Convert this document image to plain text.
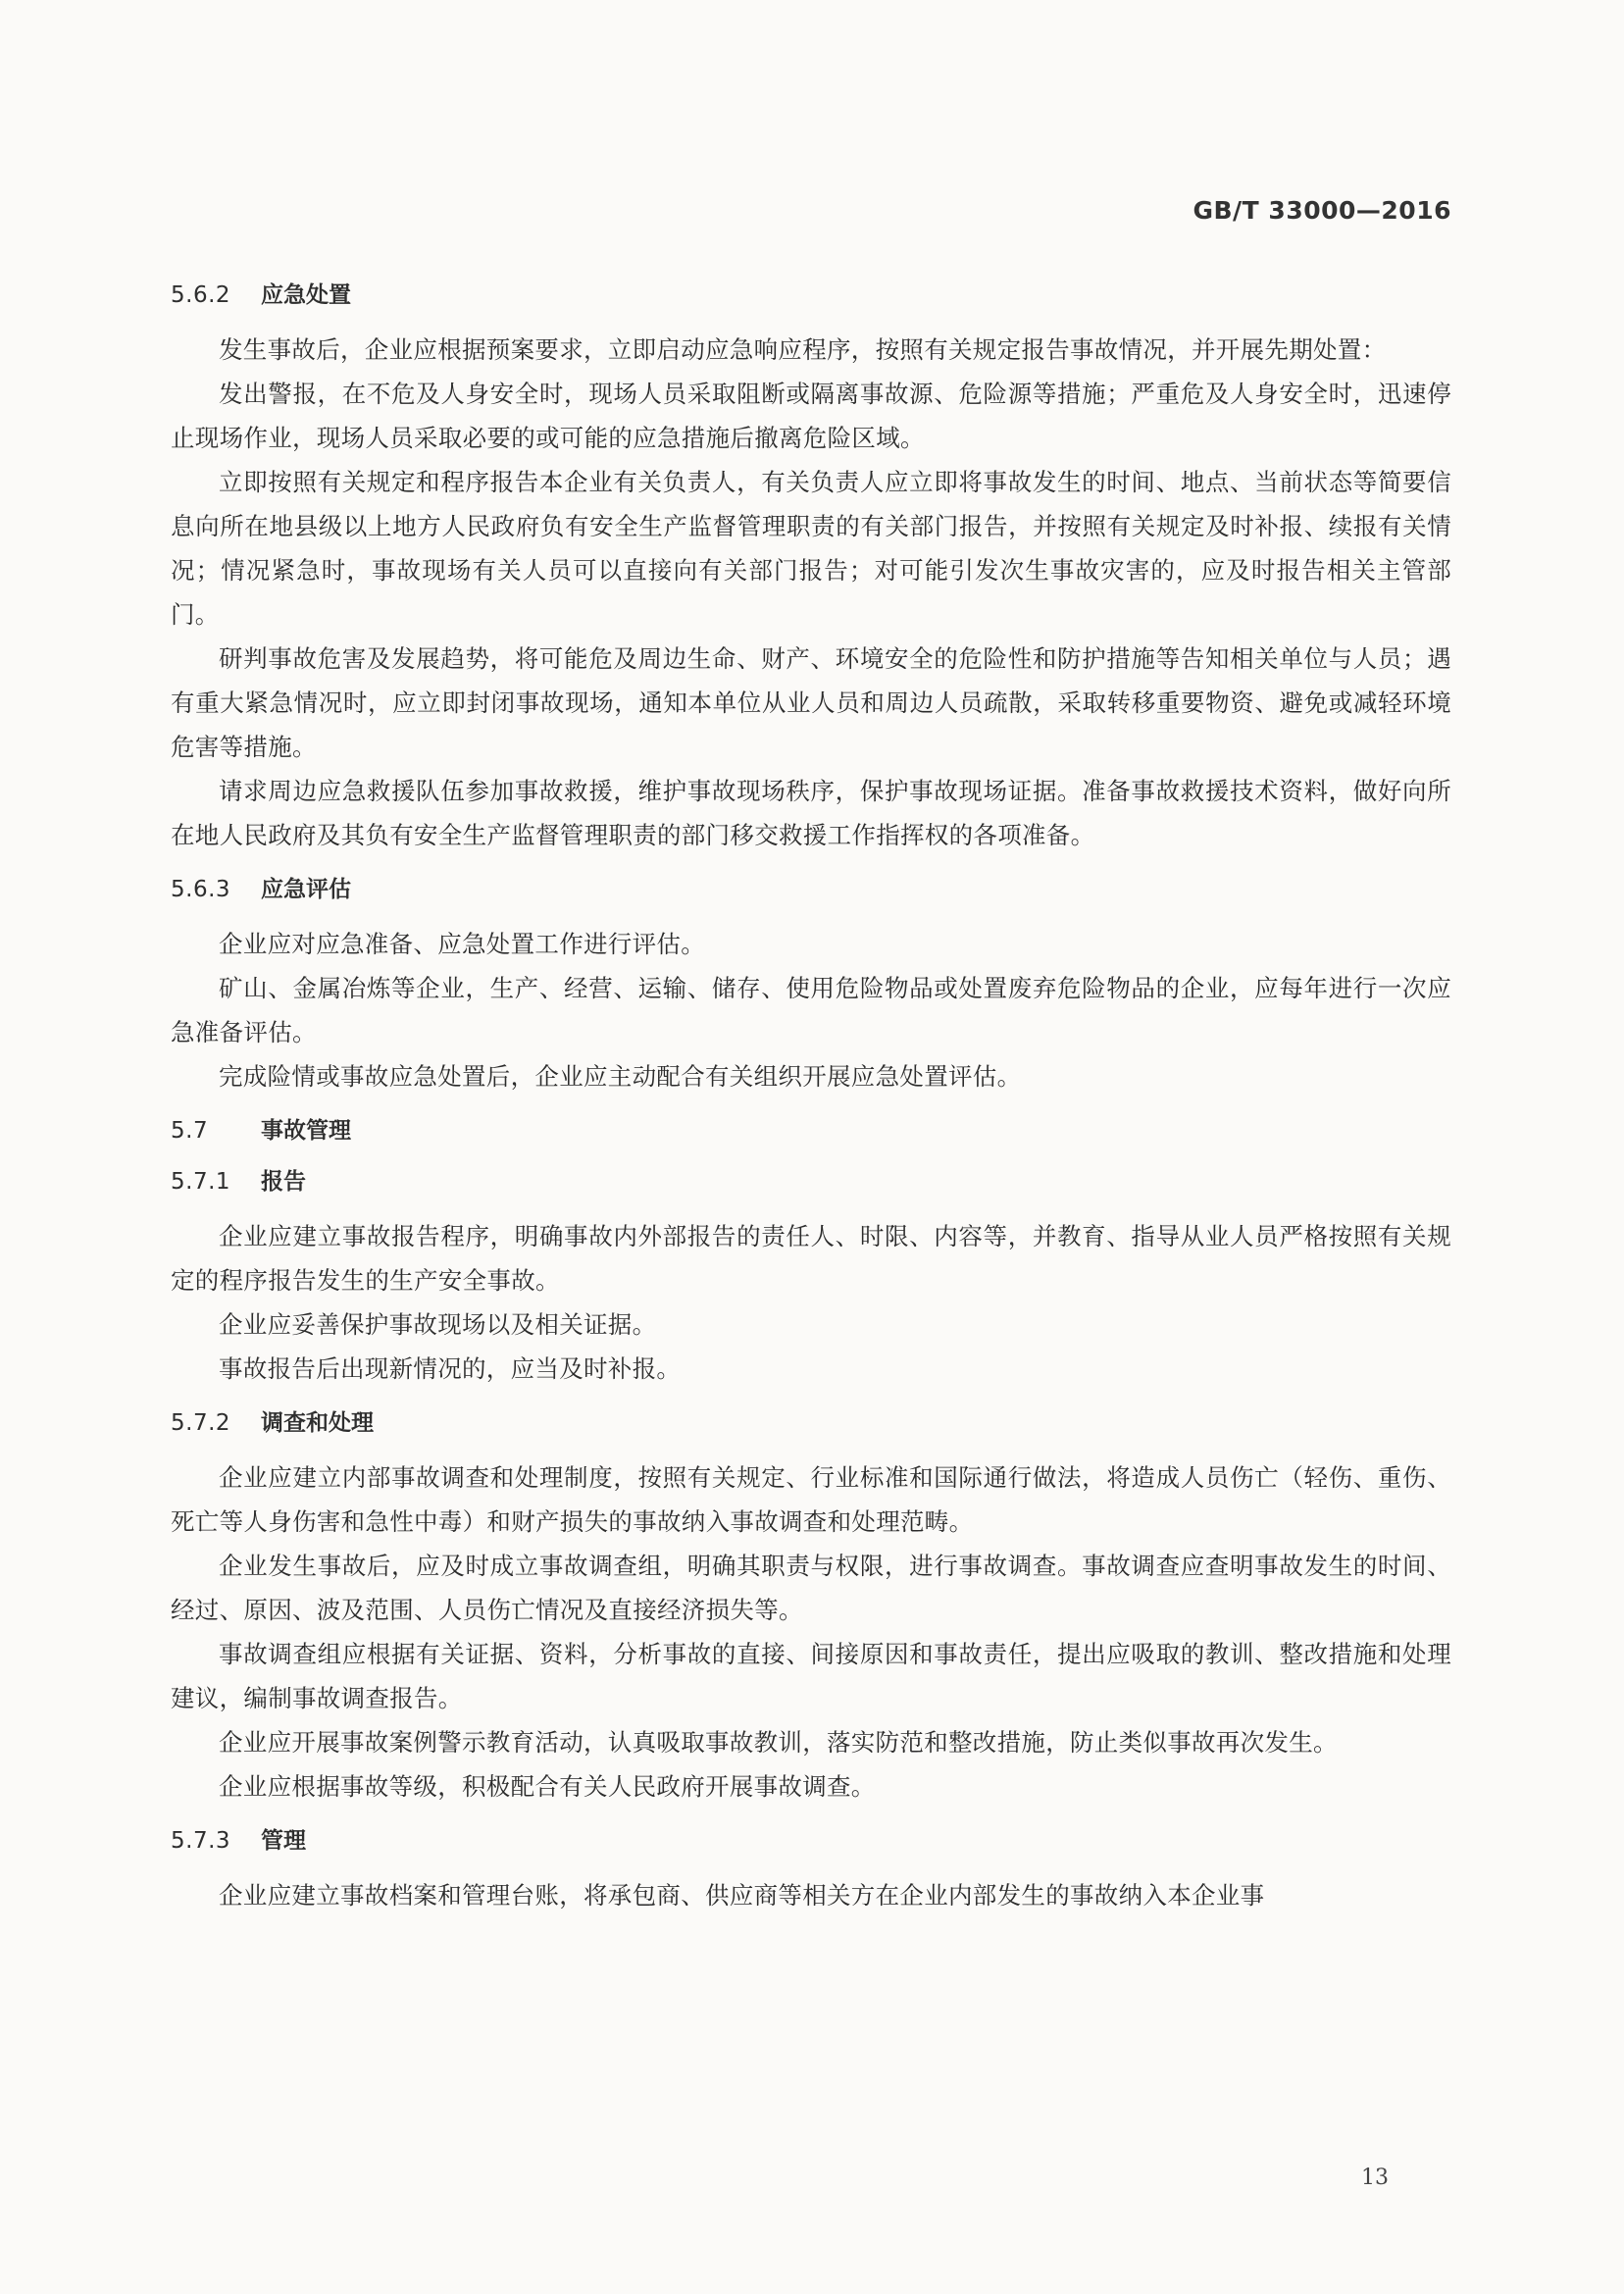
GB/T 33000—2016

5.6.2 应急处置

发生事故后，企业应根据预案要求，立即启动应急响应程序，按照有关规定报告事故情况，并开展先期处置：

发出警报，在不危及人身安全时，现场人员采取阻断或隔离事故源、危险源等措施；严重危及人身安全时，迅速停止现场作业，现场人员采取必要的或可能的应急措施后撤离危险区域。

立即按照有关规定和程序报告本企业有关负责人，有关负责人应立即将事故发生的时间、地点、当前状态等简要信息向所在地县级以上地方人民政府负有安全生产监督管理职责的有关部门报告，并按照有关规定及时补报、续报有关情况；情况紧急时，事故现场有关人员可以直接向有关部门报告；对可能引发次生事故灾害的，应及时报告相关主管部门。

研判事故危害及发展趋势，将可能危及周边生命、财产、环境安全的危险性和防护措施等告知相关单位与人员；遇有重大紧急情况时，应立即封闭事故现场，通知本单位从业人员和周边人员疏散，采取转移重要物资、避免或减轻环境危害等措施。

请求周边应急救援队伍参加事故救援，维护事故现场秩序，保护事故现场证据。准备事故救援技术资料，做好向所在地人民政府及其负有安全生产监督管理职责的部门移交救援工作指挥权的各项准备。

5.6.3 应急评估

企业应对应急准备、应急处置工作进行评估。

矿山、金属冶炼等企业，生产、经营、运输、储存、使用危险物品或处置废弃危险物品的企业，应每年进行一次应急准备评估。

完成险情或事故应急处置后，企业应主动配合有关组织开展应急处置评估。

5.7 事故管理

5.7.1 报告

企业应建立事故报告程序，明确事故内外部报告的责任人、时限、内容等，并教育、指导从业人员严格按照有关规定的程序报告发生的生产安全事故。

企业应妥善保护事故现场以及相关证据。

事故报告后出现新情况的，应当及时补报。

5.7.2 调查和处理

企业应建立内部事故调查和处理制度，按照有关规定、行业标准和国际通行做法，将造成人员伤亡（轻伤、重伤、死亡等人身伤害和急性中毒）和财产损失的事故纳入事故调查和处理范畴。

企业发生事故后，应及时成立事故调查组，明确其职责与权限，进行事故调查。事故调查应查明事故发生的时间、经过、原因、波及范围、人员伤亡情况及直接经济损失等。

事故调查组应根据有关证据、资料，分析事故的直接、间接原因和事故责任，提出应吸取的教训、整改措施和处理建议，编制事故调查报告。

企业应开展事故案例警示教育活动，认真吸取事故教训，落实防范和整改措施，防止类似事故再次发生。

企业应根据事故等级，积极配合有关人民政府开展事故调查。

5.7.3 管理

企业应建立事故档案和管理台账，将承包商、供应商等相关方在企业内部发生的事故纳入本企业事

13
